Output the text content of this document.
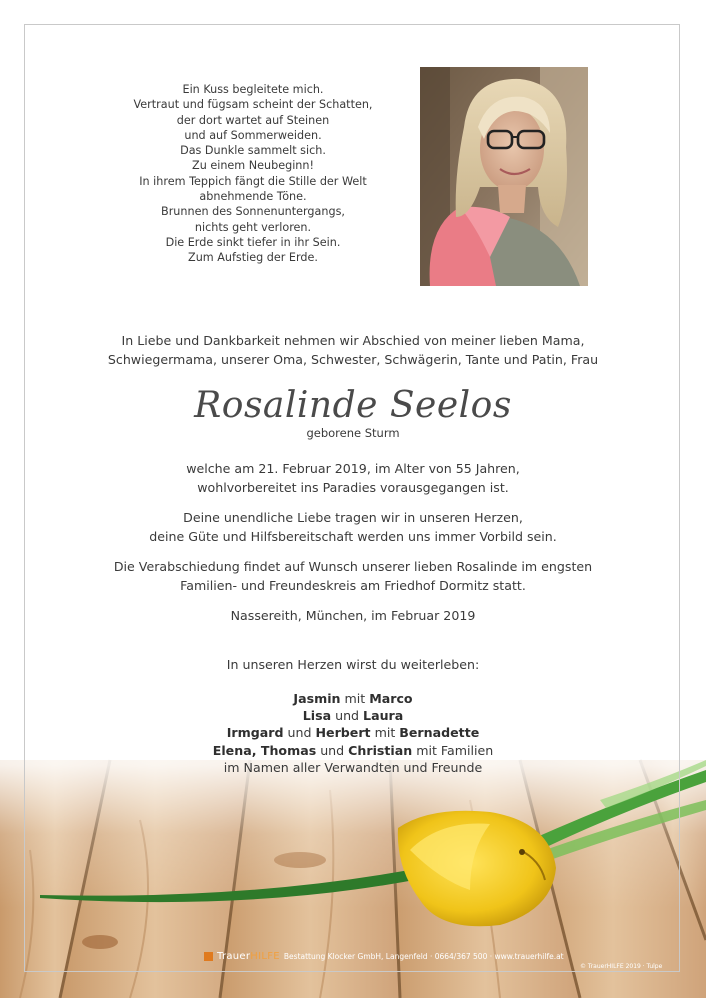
Ein Kuss begleitete mich.
Vertraut und fügsam scheint der Schatten,
der dort wartet auf Steinen
und auf Sommerweiden.
Das Dunkle sammelt sich.
Zu einem Neubeginn!
In ihrem Teppich fängt die Stille der Welt
abnehmende Töne.
Brunnen des Sonnenuntergangs,
nichts geht verloren.
Die Erde sinkt tiefer in ihr Sein.
Zum Aufstieg der Erde.
In Liebe und Dankbarkeit nehmen wir Abschied von meiner lieben Mama,
Schwiegermama, unserer Oma, Schwester, Schwägerin, Tante und Patin, Frau
Rosalinde Seelos
geborene Sturm
welche am 21. Februar 2019, im Alter von 55 Jahren,
wohlvorbereitet ins Paradies vorausgegangen ist.
Deine unendliche Liebe tragen wir in unseren Herzen,
deine Güte und Hilfsbereitschaft werden uns immer Vorbild sein.
Die Verabschiedung findet auf Wunsch unserer lieben Rosalinde im engsten
Familien- und Freundeskreis am Friedhof Dormitz statt.
Nassereith, München, im Februar 2019
In unseren Herzen wirst du weiterleben:
Jasmin mit Marco
Lisa und Laura
Irmgard und Herbert mit Bernadette
Elena, Thomas und Christian mit Familien
im Namen aller Verwandten und Freunde
TrauerHILFE Bestattung Klocker GmbH, Langenfeld · 0664/367 500 · www.trauerhilfe.at
© TrauerHILFE 2019 · Tulpe
